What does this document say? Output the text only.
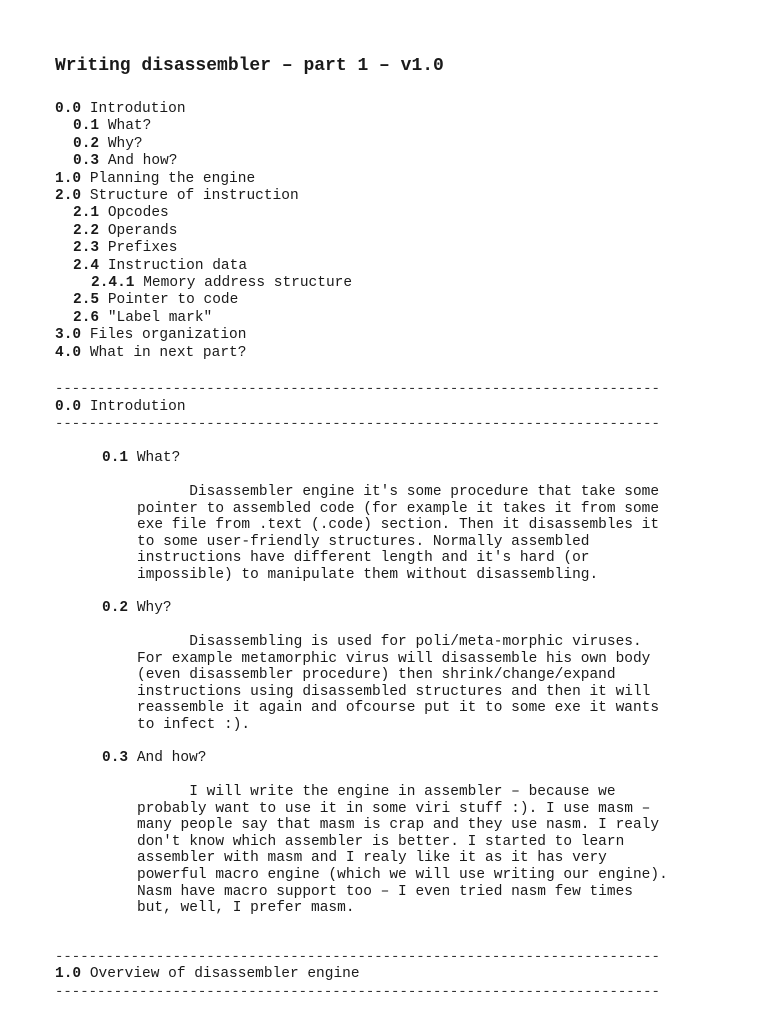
Writing disassembler – part 1 – v1.0
0.0 Introdution
0.1 What?
0.2 Why?
0.3 And how?
1.0 Planning the engine
2.0 Structure of instruction
2.1 Opcodes
2.2 Operands
2.3 Prefixes
2.4 Instruction data
2.4.1 Memory address structure
2.5 Pointer to code
2.6 "Label mark"
3.0 Files organization
4.0 What in next part?
------------------------------------------------------------------------
0.0 Introdution
------------------------------------------------------------------------
0.1 What?

Disassembler engine it's some procedure that take some
pointer to assembled code (for example it takes it from some
exe file from .text (.code) section. Then it disassembles it
to some user-friendly structures. Normally assembled
instructions have different length and it's hard (or
impossible) to manipulate them without disassembling.

0.2 Why?

Disassembling is used for poli/meta-morphic viruses.
For example metamorphic virus will disassemble his own body
(even disassembler procedure) then shrink/change/expand
instructions using disassembled structures and then it will
reassemble it again and ofcourse put it to some exe it wants
to infect :).

0.3 And how?

I will write the engine in assembler – because we
probably want to use it in some viri stuff :). I use masm –
many people say that masm is crap and they use nasm. I realy
don't know which assembler is better. I started to learn
assembler with masm and I realy like it as it has very
powerful macro engine (which we will use writing our engine).
Nasm have macro support too – I even tried nasm few times
but, well, I prefer masm.

------------------------------------------------------------------------
1.0 Overview of disassembler engine
------------------------------------------------------------------------
